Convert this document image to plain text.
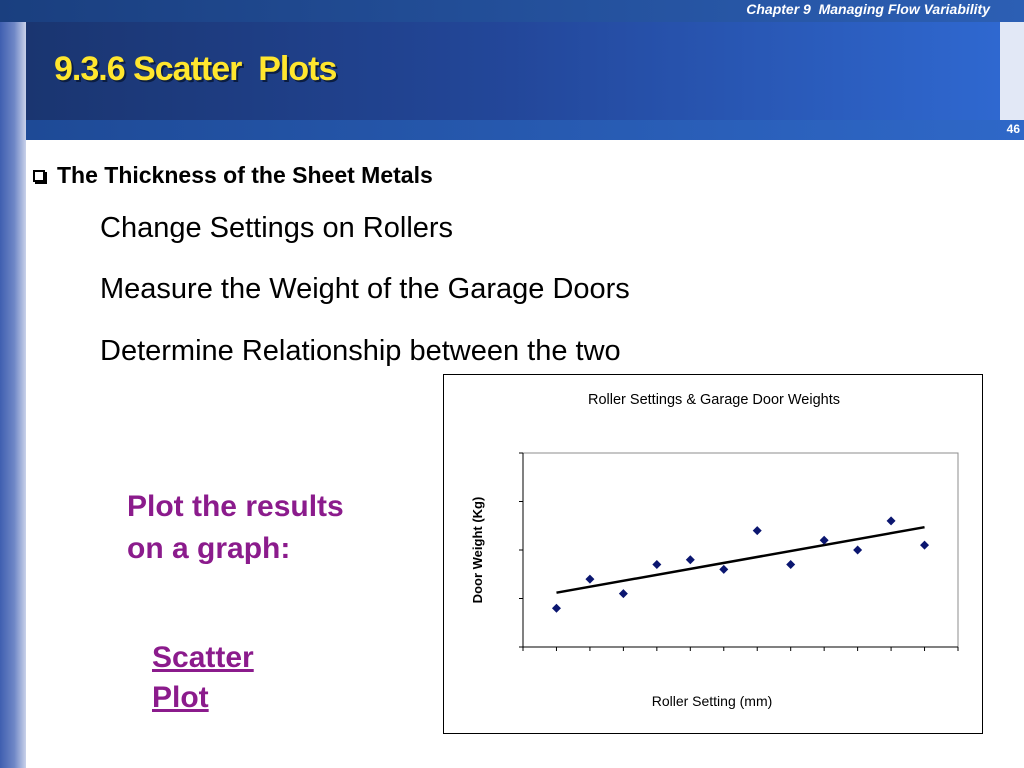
Chapter 9  Managing Flow Variability
9.3.6 Scatter  Plots
46
The Thickness of the Sheet Metals
Change Settings on Rollers
Measure the Weight of the Garage Doors
Determine Relationship between the two
Plot the results
on a graph:
Scatter
Plot
Roller Settings & Garage Door Weights
Roller Setting (mm)
Door Weight (Kg)
